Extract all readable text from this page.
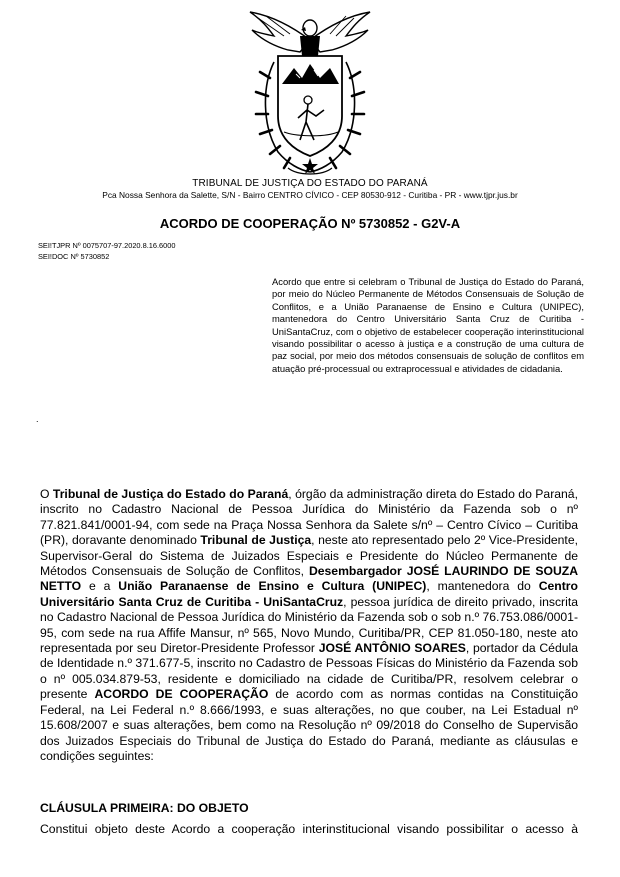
TRIBUNAL DE JUSTIÇA DO ESTADO DO PARANÁ
Pca Nossa Senhora da Salette, S/N - Bairro CENTRO CÍVICO - CEP 80530-912 - Curitiba - PR - www.tjpr.jus.br
ACORDO DE COOPERAÇÃO Nº 5730852 - G2V-A
SEI!TJPR Nº 0075707-97.2020.8.16.6000
SEI!DOC Nº 5730852
Acordo que entre si celebram o Tribunal de Justiça do Estado do Paraná, por meio do Núcleo Permanente de Métodos Consensuais de Solução de Conflitos, e a União Paranaense de Ensino e Cultura (UNIPEC), mantenedora do Centro Universitário Santa Cruz de Curitiba - UniSantaCruz, com o objetivo de estabelecer cooperação interinstitucional visando possibilitar o acesso à justiça e a construção de uma cultura de paz social, por meio dos métodos consensuais de solução de conflitos em atuação pré-processual ou extraprocessual e atividades de cidadania.
.
O Tribunal de Justiça do Estado do Paraná, órgão da administração direta do Estado do Paraná, inscrito no Cadastro Nacional de Pessoa Jurídica do Ministério da Fazenda sob o nº 77.821.841/0001-94, com sede na Praça Nossa Senhora da Salete s/nº – Centro Cívico – Curitiba (PR), doravante denominado Tribunal de Justiça, neste ato representado pelo 2º Vice-Presidente, Supervisor-Geral do Sistema de Juizados Especiais e Presidente do Núcleo Permanente de Métodos Consensuais de Solução de Conflitos, Desembargador JOSÉ LAURINDO DE SOUZA NETTO e a União Paranaense de Ensino e Cultura (UNIPEC), mantenedora do Centro Universitário Santa Cruz de Curitiba - UniSantaCruz, pessoa jurídica de direito privado, inscrita no Cadastro Nacional de Pessoa Jurídica do Ministério da Fazenda sob o sob n.º 76.753.086/0001-95, com sede na rua Affife Mansur, nº 565, Novo Mundo, Curitiba/PR, CEP 81.050-180, neste ato representada por seu Diretor-Presidente Professor JOSÉ ANTÔNIO SOARES, portador da Cédula de Identidade n.º 371.677-5, inscrito no Cadastro de Pessoas Físicas do Ministério da Fazenda sob o nº 005.034.879-53, residente e domiciliado na cidade de Curitiba/PR, resolvem celebrar o presente ACORDO DE COOPERAÇÃO de acordo com as normas contidas na Constituição Federal, na Lei Federal n.º 8.666/1993, e suas alterações, no que couber, na Lei Estadual nº 15.608/2007 e suas alterações, bem como na Resolução nº 09/2018 do Conselho de Supervisão dos Juizados Especiais do Tribunal de Justiça do Estado do Paraná, mediante as cláusulas e condições seguintes:
CLÁUSULA PRIMEIRA: DO OBJETO
Constitui objeto deste Acordo a cooperação interinstitucional visando possibilitar o acesso à
